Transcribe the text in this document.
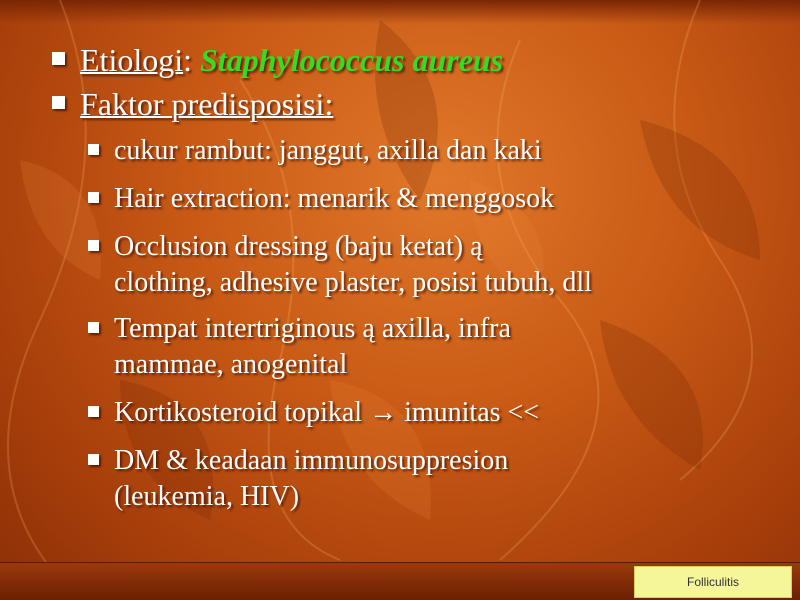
Etiologi: Staphylococcus aureus
Faktor predisposisi:
cukur rambut: janggut, axilla dan kaki
Hair extraction: menarik & menggosok
Occlusion dressing (baju ketat) ą
clothing, adhesive plaster, posisi tubuh, dll
Tempat intertriginous ą axilla, infra
mammae, anogenital
Kortikosteroid topikal → imunitas <<
DM & keadaan immunosuppresion
(leukemia, HIV)
Folliculitis
